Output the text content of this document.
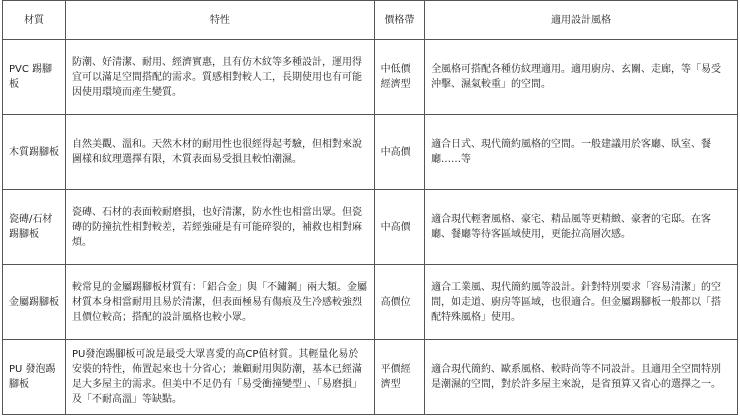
材質	特性	價格帶	適用設計風格
PVC 踢腳板	防潮、好清潔、耐用、經濟實惠，且有仿木紋等多種設計，運用得宜可以滿足空間搭配的需求。質感相對較人工，長期使用也有可能因使用環境而產生變質。	中低價經濟型	全風格可搭配各種仿紋理適用。適用廚房、玄關、走廊，等「易受沖擊、濕氣較重」的空間。
木質踢腳板	自然美觀、溫和。天然木材的耐用性也很經得起考驗，但相對來說圖樣和紋理選擇有限，木質表面易受損且較怕潮濕。	中高價	適合日式、現代簡約風格的空間。一般建議用於客廳、臥室、餐廳……等
瓷磚/石材踢腳板	瓷磚、石材的表面較耐磨損，也好清潔，防水性也相當出眾。但瓷磚的防撞抗性相對較差，若經強碰是有可能碎裂的，補救也相對麻煩。	中高價	適合現代輕奢風格、豪宅、精品風等更精緻、豪奢的宅邸。在客廳、餐廳等待客區域使用，更能拉高層次感。
金屬踢腳板	較常見的金屬踢腳板材質有：「鋁合金」與「不鏽鋼」兩大類。金屬材質本身相當耐用且易於清潔，但表面極易有傷痕及生冷感較強烈且價位較高；搭配的設計風格也較小眾。	高價位	適合工業風、現代簡約風等設計。針對特別要求「容易清潔」的空間，如走道、廚房等區域，也很適合。但金屬踢腳板一般都以「搭配特殊風格」使用。
PU 發泡踢腳板	PU發泡踢腳板可說是最受大眾喜愛的高CP值材質。其輕量化易於安裝的特性，佈置起來也十分省心；兼顧耐用與防潮，基本已經滿足大多屋主的需求。但美中不足仍有「易受衝撞變型」、「易磨損」及「不耐高溫」等缺點。	平價經濟型	適合現代簡約、歐系風格、較時尚等不同設計。且適用全空間特別是潮濕的空間，對於許多屋主來說，是省預算又省心的選擇之一。
